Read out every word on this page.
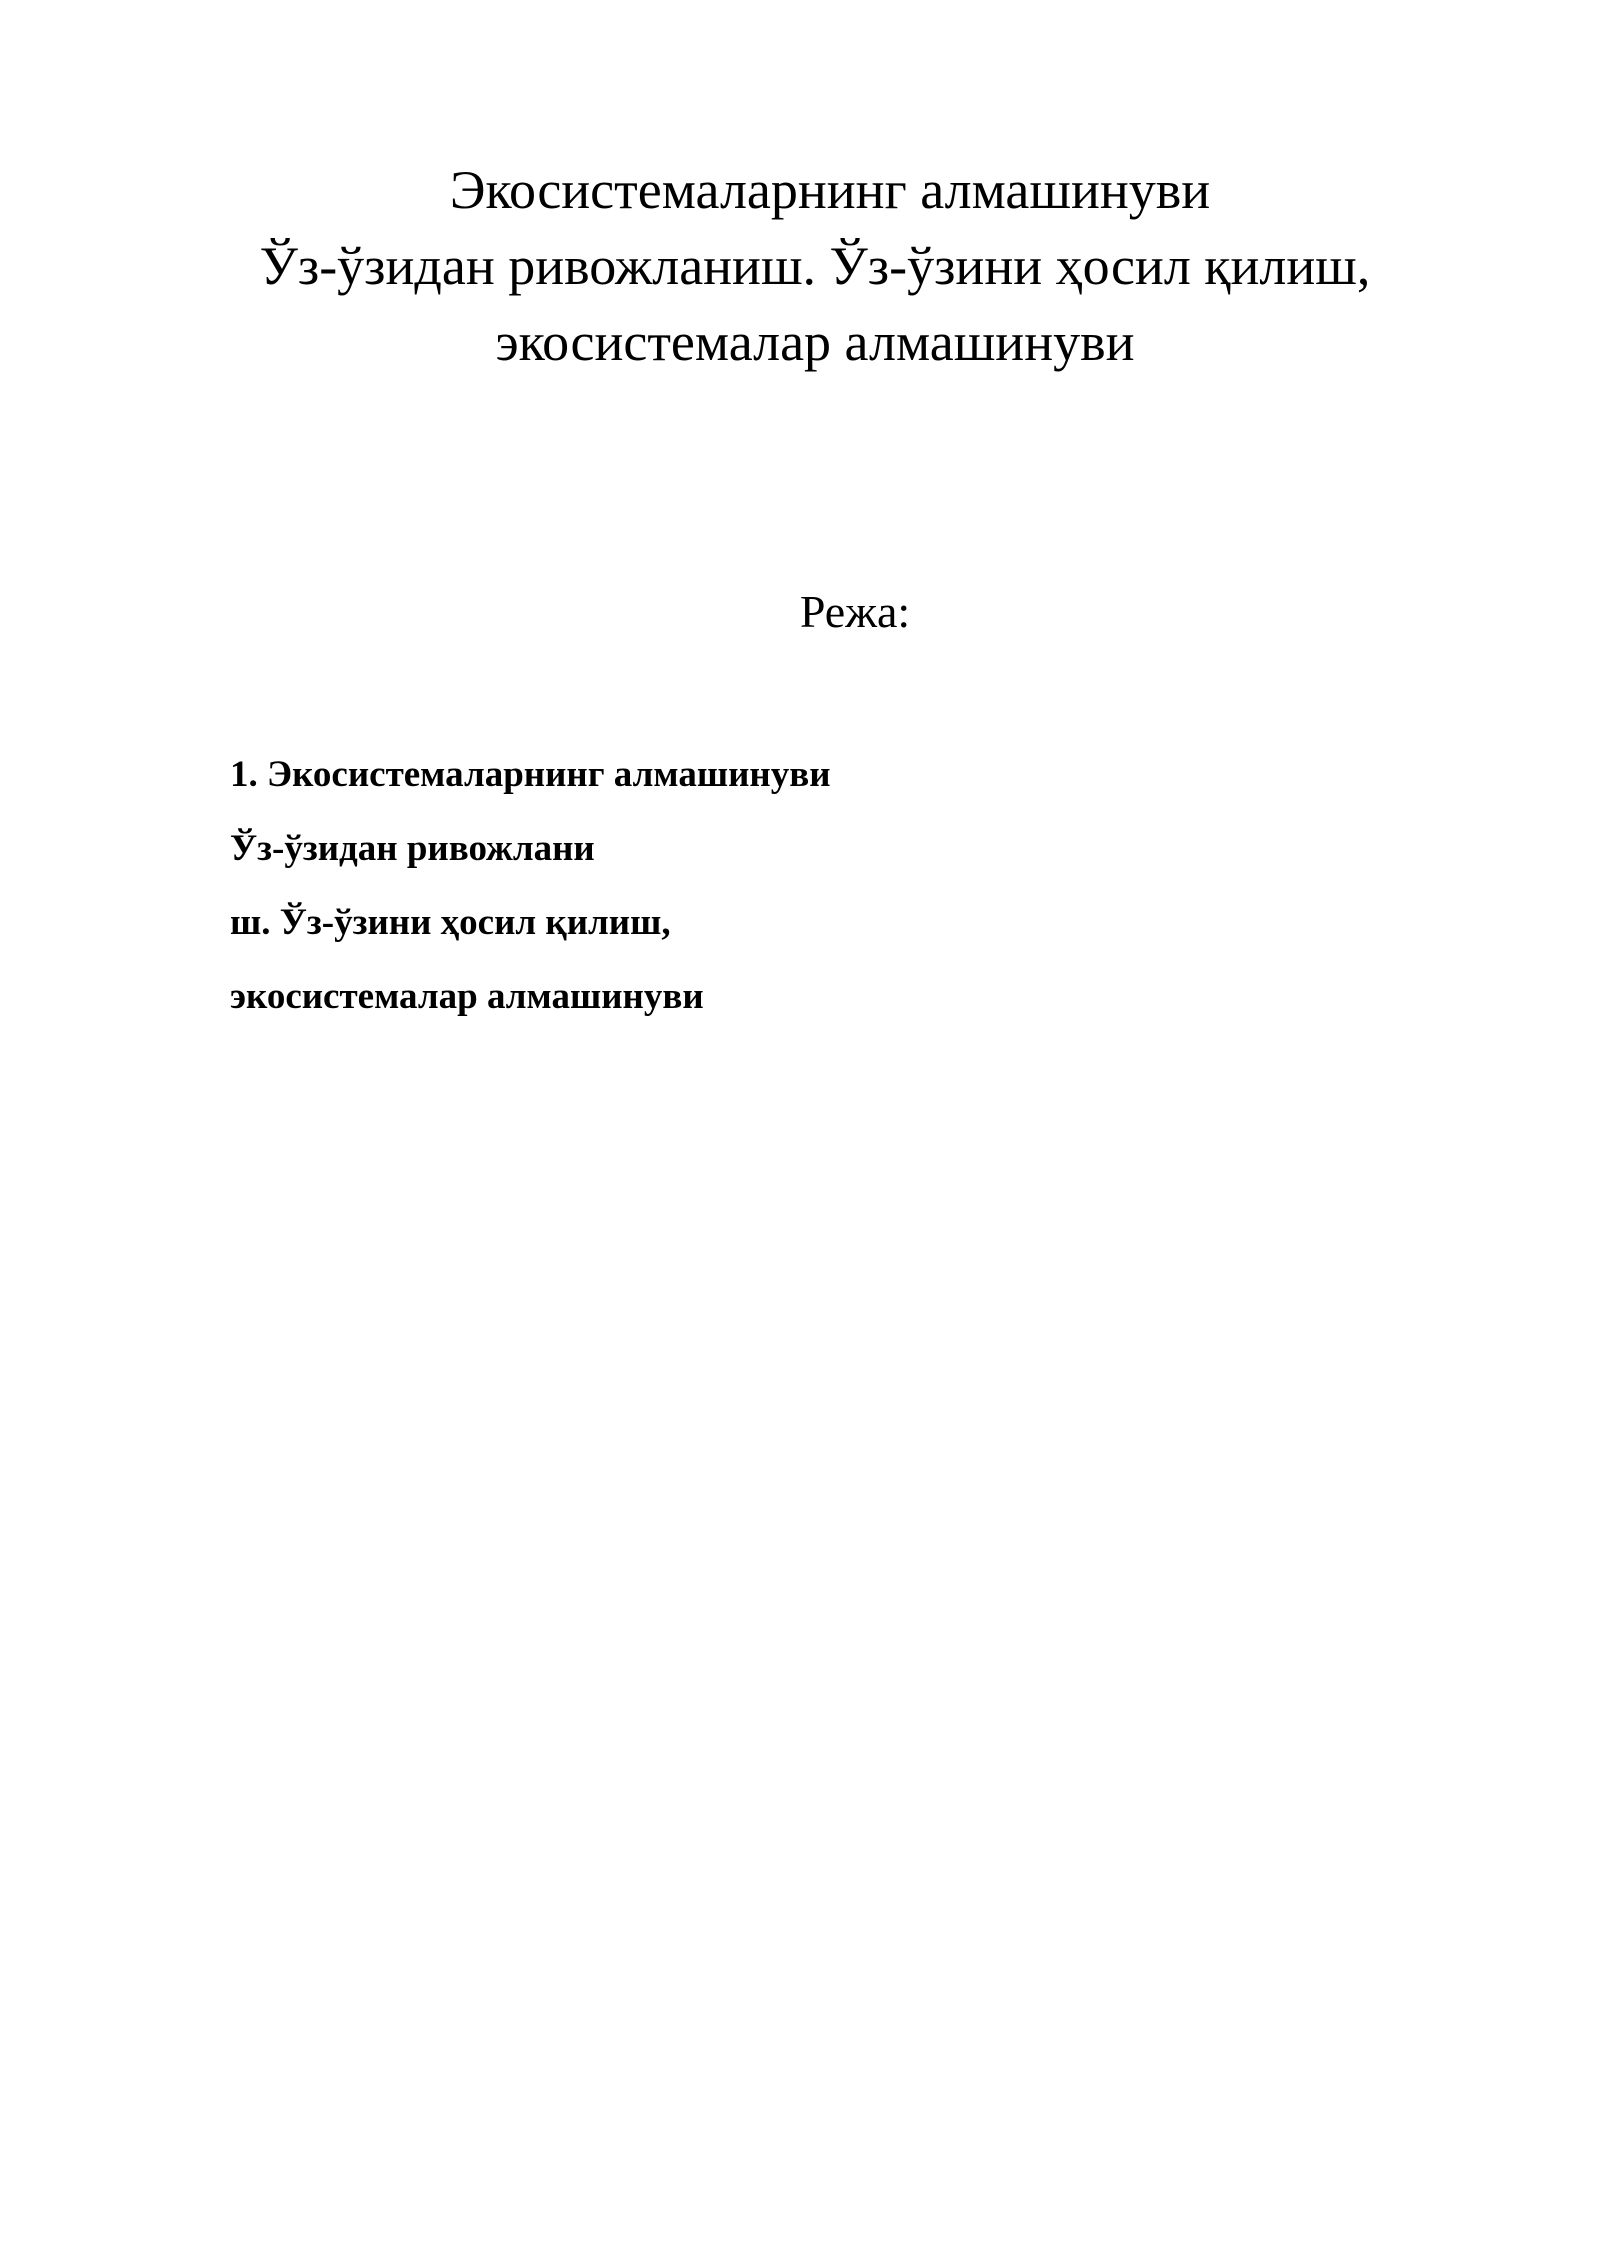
Экосистемаларнинг алмашинуви
Ўз-ўзидан ривожланиш. Ўз-ўзини ҳосил қилиш,
экосистемалар алмашинуви
Режа:
1. Экосистемаларнинг алмашинуви
Ўз-ўзидан ривожлани
ш. Ўз-ўзини ҳосил қилиш,
экосистемалар алмашинуви
